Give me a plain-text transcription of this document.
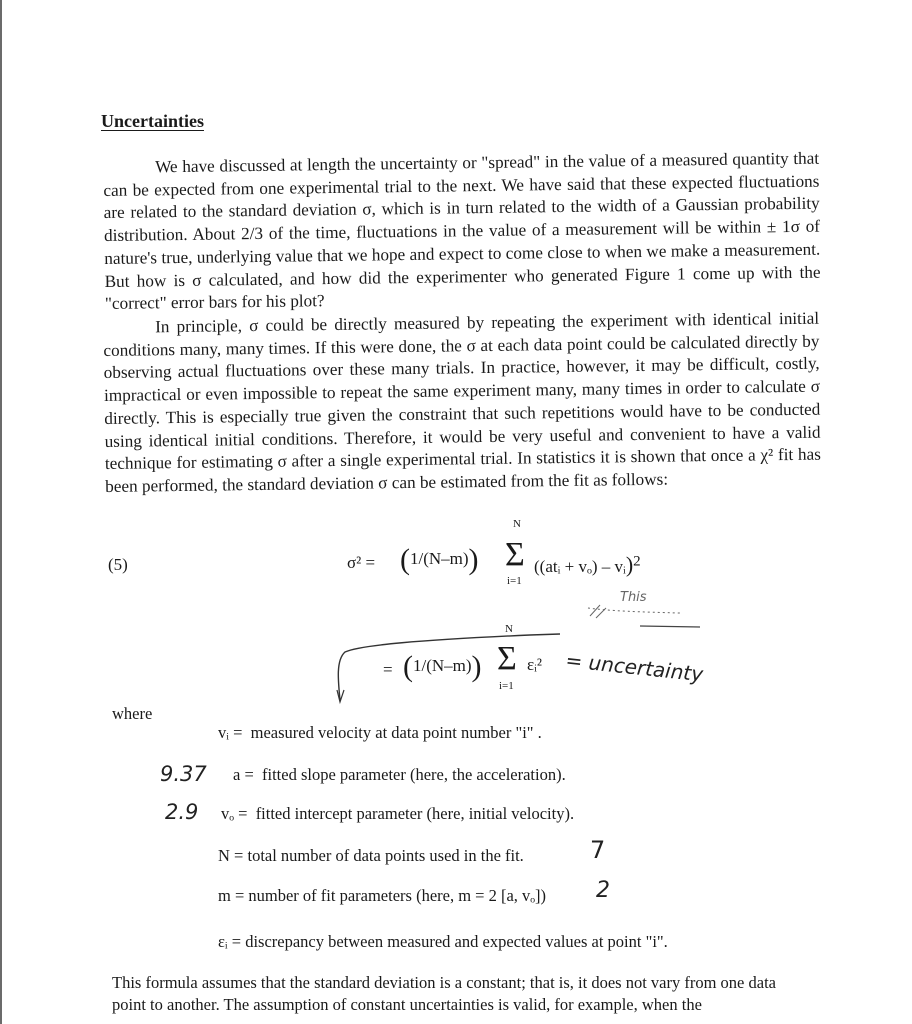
Uncertainties
We have discussed at length the uncertainty or "spread" in the value of a measured quantity that can be expected from one experimental trial to the next. We have said that these expected fluctuations are related to the standard deviation σ, which is in turn related to the width of a Gaussian probability distribution. About 2/3 of the time, fluctuations in the value of a measurement will be within ± 1σ of nature's true, underlying value that we hope and expect to come close to when we make a measurement. But how is σ calculated, and how did the experimenter who generated Figure 1 come up with the "correct" error bars for his plot?
In principle, σ could be directly measured by repeating the experiment with identical initial conditions many, many times. If this were done, the σ at each data point could be calculated directly by observing actual fluctuations over these many trials. In practice, however, it may be difficult, costly, impractical or even impossible to repeat the same experiment many, many times in order to calculate σ directly. This is especially true given the constraint that such repetitions would have to be conducted using identical initial conditions. Therefore, it would be very useful and convenient to have a valid technique for estimating σ after a single experimental trial. In statistics it is shown that once a χ² fit has been performed, the standard deviation σ can be estimated from the fit as follows:
(5)	σ² = (1/(N–m))
N
Σ
i=1
((atᵢ + vₒ) – vᵢ)$^2$
= (1/(N–m))
N
Σ
i=1
εᵢ²
This
= uncertainty
where
vᵢ = measured velocity at data point number "i" .
a = fitted slope parameter (here, the acceleration).
vₒ = fitted intercept parameter (here, initial velocity).
N = total number of data points used in the fit.
m = number of fit parameters (here, m = 2 [a, vₒ])
εᵢ = discrepancy between measured and expected values at point "i".
9.37
2.9
7
2
This formula assumes that the standard deviation is a constant; that is, it does not vary from one data point to another. The assumption of constant uncertainties is valid, for example, when the
